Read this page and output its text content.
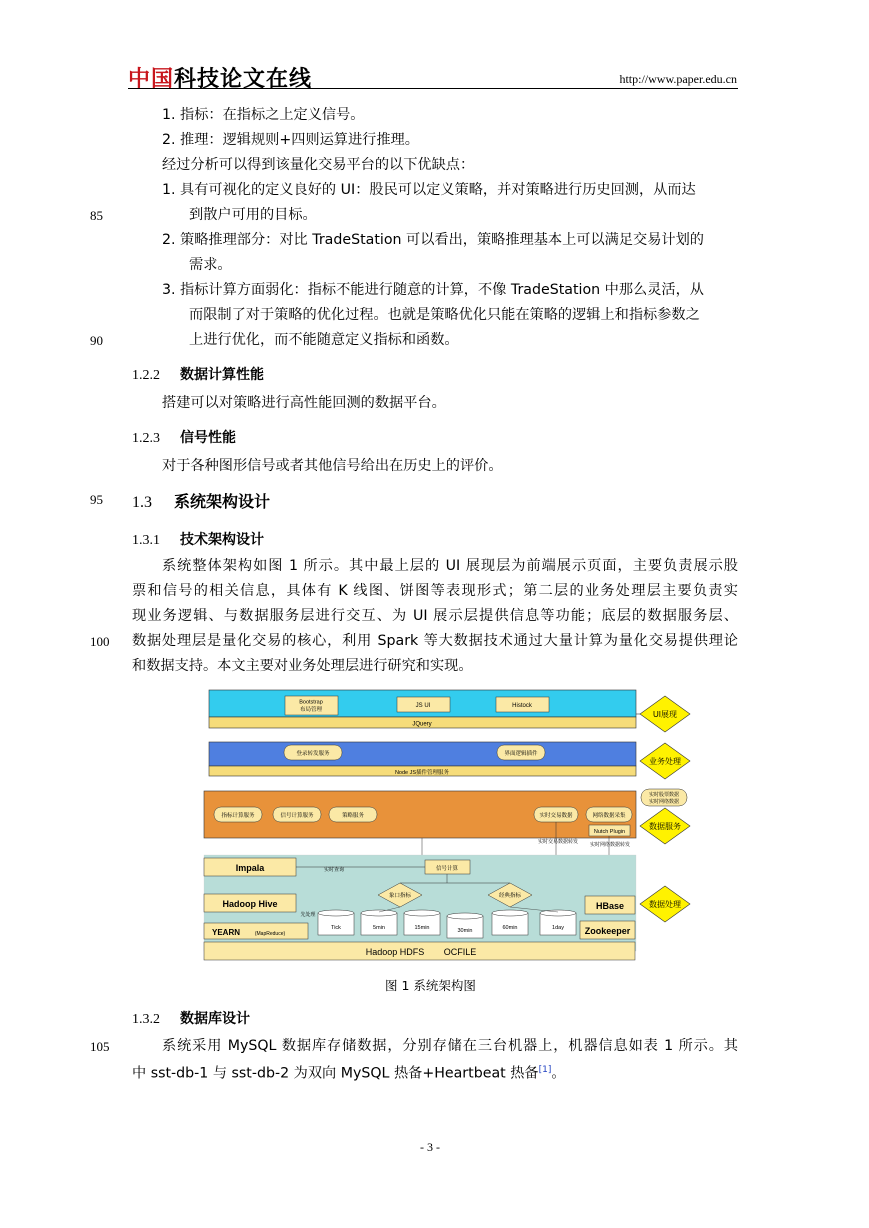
中国科技论文在线	http://www.paper.edu.cn
1. 指标：在指标之上定义信号。
2. 推理：逻辑规则+四则运算进行推理。
经过分析可以得到该量化交易平台的以下优缺点：
1. 具有可视化的定义良好的 UI：股民可以定义策略，并对策略进行历史回测，从而达
85	到散户可用的目标。
2. 策略推理部分：对比 TradeStation 可以看出，策略推理基本上可以满足交易计划的
需求。
3. 指标计算方面弱化：指标不能进行随意的计算，不像 TradeStation 中那么灵活，从
而限制了对于策略的优化过程。也就是策略优化只能在策略的逻辑上和指标参数之
90	上进行优化，而不能随意定义指标和函数。
1.2.2 数据计算性能
搭建可以对策略进行高性能回测的数据平台。
1.2.3 信号性能
对于各种图形信号或者其他信号给出在历史上的评价。
95 1.3 系统架构设计
1.3.1 技术架构设计
系统整体架构如图 1 所示。其中最上层的 UI 展现层为前端展示页面，主要负责展示股
票和信号的相关信息，具体有 K 线图、饼图等表现形式；第二层的业务处理层主要负责实
现业务逻辑、与数据服务层进行交互、为 UI 展示层提供信息等功能；底层的数据服务层、
100 数据处理层是量化交易的核心，利用 Spark 等大数据技术通过大量计算为量化交易提供理论
和数据支持。本文主要对业务处理层进行研究和实现。
Bootstrap
布局管理
JS UI	Histock
JQuery
UI展现
登录转发服务	界面逻辑插件
Node JS插件管理服务
业务处理
指标计算服务	信号计算服务	策略服务	实时交易数据	网络数据采集
Nutch Plugin
实时交易数据转发 实时网络数据转发
实时股票数据
实时网络数据
数据服务
Impala	实时查询	信号计算
Hadoop Hive
先处理
象口指标	经典指标
Tick	5min	15min	30min	60min	1day
HBase
YEARN	(MapReduce)	Zookeeper
Hadoop HDFS OCFILE
数据处理
图 1 系统架构图
1.3.2 数据库设计
105	系统采用 MySQL 数据库存储数据，分别存储在三台机器上，机器信息如表 1 所示。其
中 sst-db-1 与 sst-db-2 为双向 MySQL 热备+Heartbeat 热备[1]。
- 3 -
